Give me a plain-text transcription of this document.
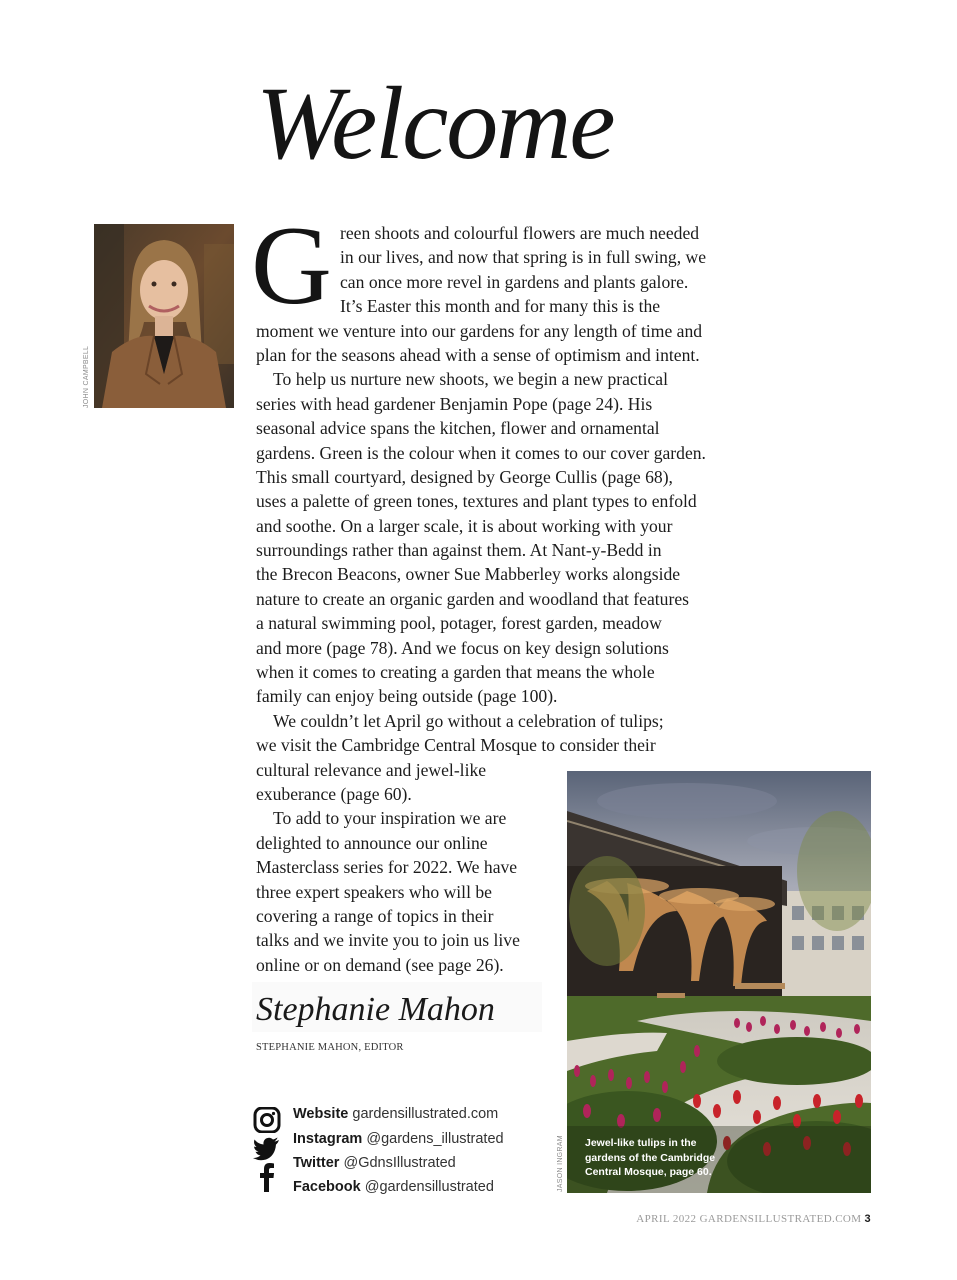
Welcome
JOHN CAMPBELL
G reen shoots and colourful flowers are much needed
in our lives, and now that spring is in full swing, we
can once more revel in gardens and plants galore.
It’s Easter this month and for many this is the
moment we venture into our gardens for any length of time and
plan for the seasons ahead with a sense of optimism and intent.
To help us nurture new shoots, we begin a new practical
series with head gardener Benjamin Pope (page 24). His
seasonal advice spans the kitchen, flower and ornamental
gardens. Green is the colour when it comes to our cover garden.
This small courtyard, designed by George Cullis (page 68),
uses a palette of green tones, textures and plant types to enfold
and soothe. On a larger scale, it is about working with your
surroundings rather than against them. At Nant-y-Bedd in
the Brecon Beacons, owner Sue Mabberley works alongside
nature to create an organic garden and woodland that features
a natural swimming pool, potager, forest garden, meadow
and more (page 78). And we focus on key design solutions
when it comes to creating a garden that means the whole
family can enjoy being outside (page 100).
We couldn’t let April go without a celebration of tulips;
we visit the Cambridge Central Mosque to consider their
cultural relevance and jewel-like
exuberance (page 60).
To add to your inspiration we are
delighted to announce our online
Masterclass series for 2022. We have
three expert speakers who will be
covering a range of topics in their
talks and we invite you to join us live
online or on demand (see page 26).
Stephanie Mahon
STEPHANIE MAHON, EDITOR
Website gardensillustrated.com
Instagram @gardens_illustrated
Twitter @GdnsIllustrated
Facebook @gardensillustrated	JASON INGRAM Jewel-like tulips in the
gardens of the Cambridge
Central Mosque, page 60.
APRIL 2022 GARDENSILLUSTRATED.COM 3
